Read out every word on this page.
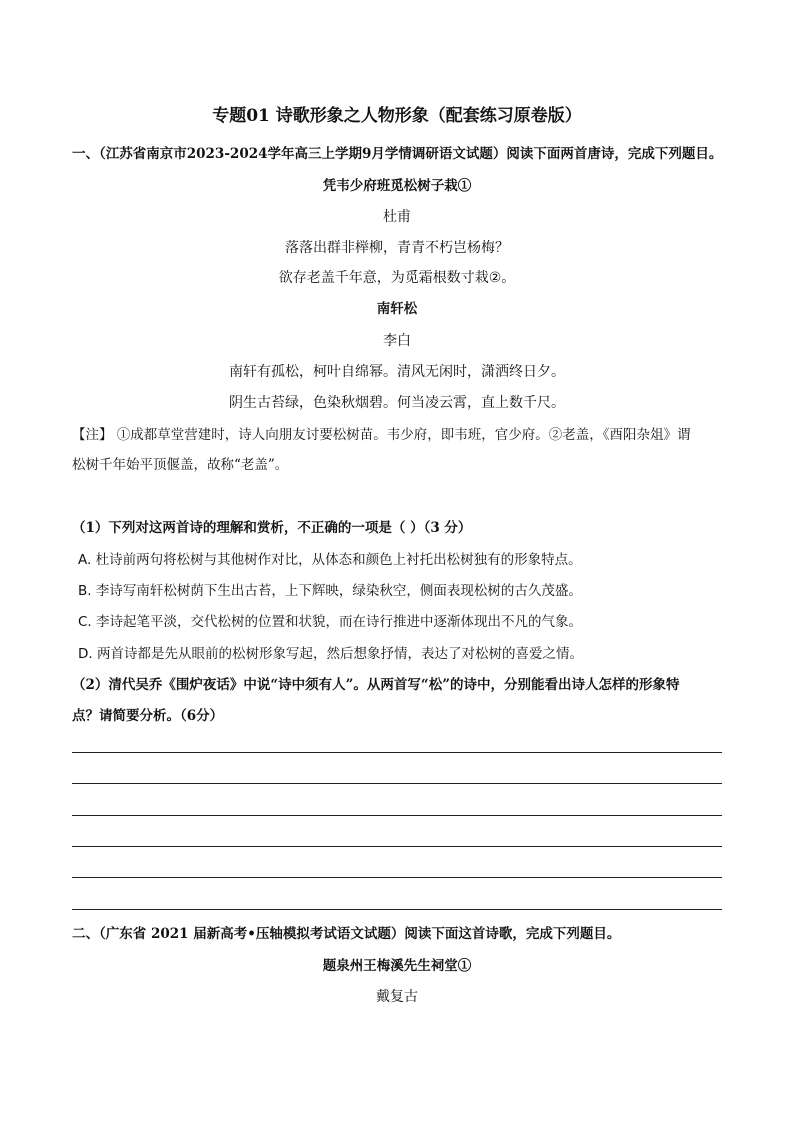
专题01 诗歌形象之人物形象（配套练习原卷版）
一、（江苏省南京市2023-2024学年高三上学期9月学情调研语文试题）阅读下面两首唐诗，完成下列题目。
凭韦少府班觅松树子栽①
杜甫
落落出群非榉柳，青青不朽岂杨梅？
欲存老盖千年意，为觅霜根数寸栽②。
南轩松
李白
南轩有孤松，柯叶自绵幂。清风无闲时，潇洒终日夕。
阴生古苔绿，色染秋烟碧。何当凌云霄，直上数千尺。
【注】 ①成都草堂营建时，诗人向朋友讨要松树苗。韦少府，即韦班，官少府。②老盖，《酉阳杂俎》谓
松树千年始平顶偃盖，故称“老盖”。
（1）下列对这两首诗的理解和赏析，不正确的一项是（ ）（3 分）
A. 杜诗前两句将松树与其他树作对比，从体态和颜色上衬托出松树独有的形象特点。
B. 李诗写南轩松树荫下生出古苔，上下辉映，绿染秋空，侧面表现松树的古久茂盛。
C. 李诗起笔平淡，交代松树的位置和状貌，而在诗行推进中逐渐体现出不凡的气象。
D. 两首诗都是先从眼前的松树形象写起，然后想象抒情，表达了对松树的喜爱之情。
（2）清代吴乔《围炉夜话》中说“诗中须有人”。从两首写“松”的诗中，分别能看出诗人怎样的形象特
点？请简要分析。（6分）
二、（广东省 2021 届新高考•压轴模拟考试语文试题）阅读下面这首诗歌，完成下列题目。
题泉州王梅溪先生祠堂①
戴复古
